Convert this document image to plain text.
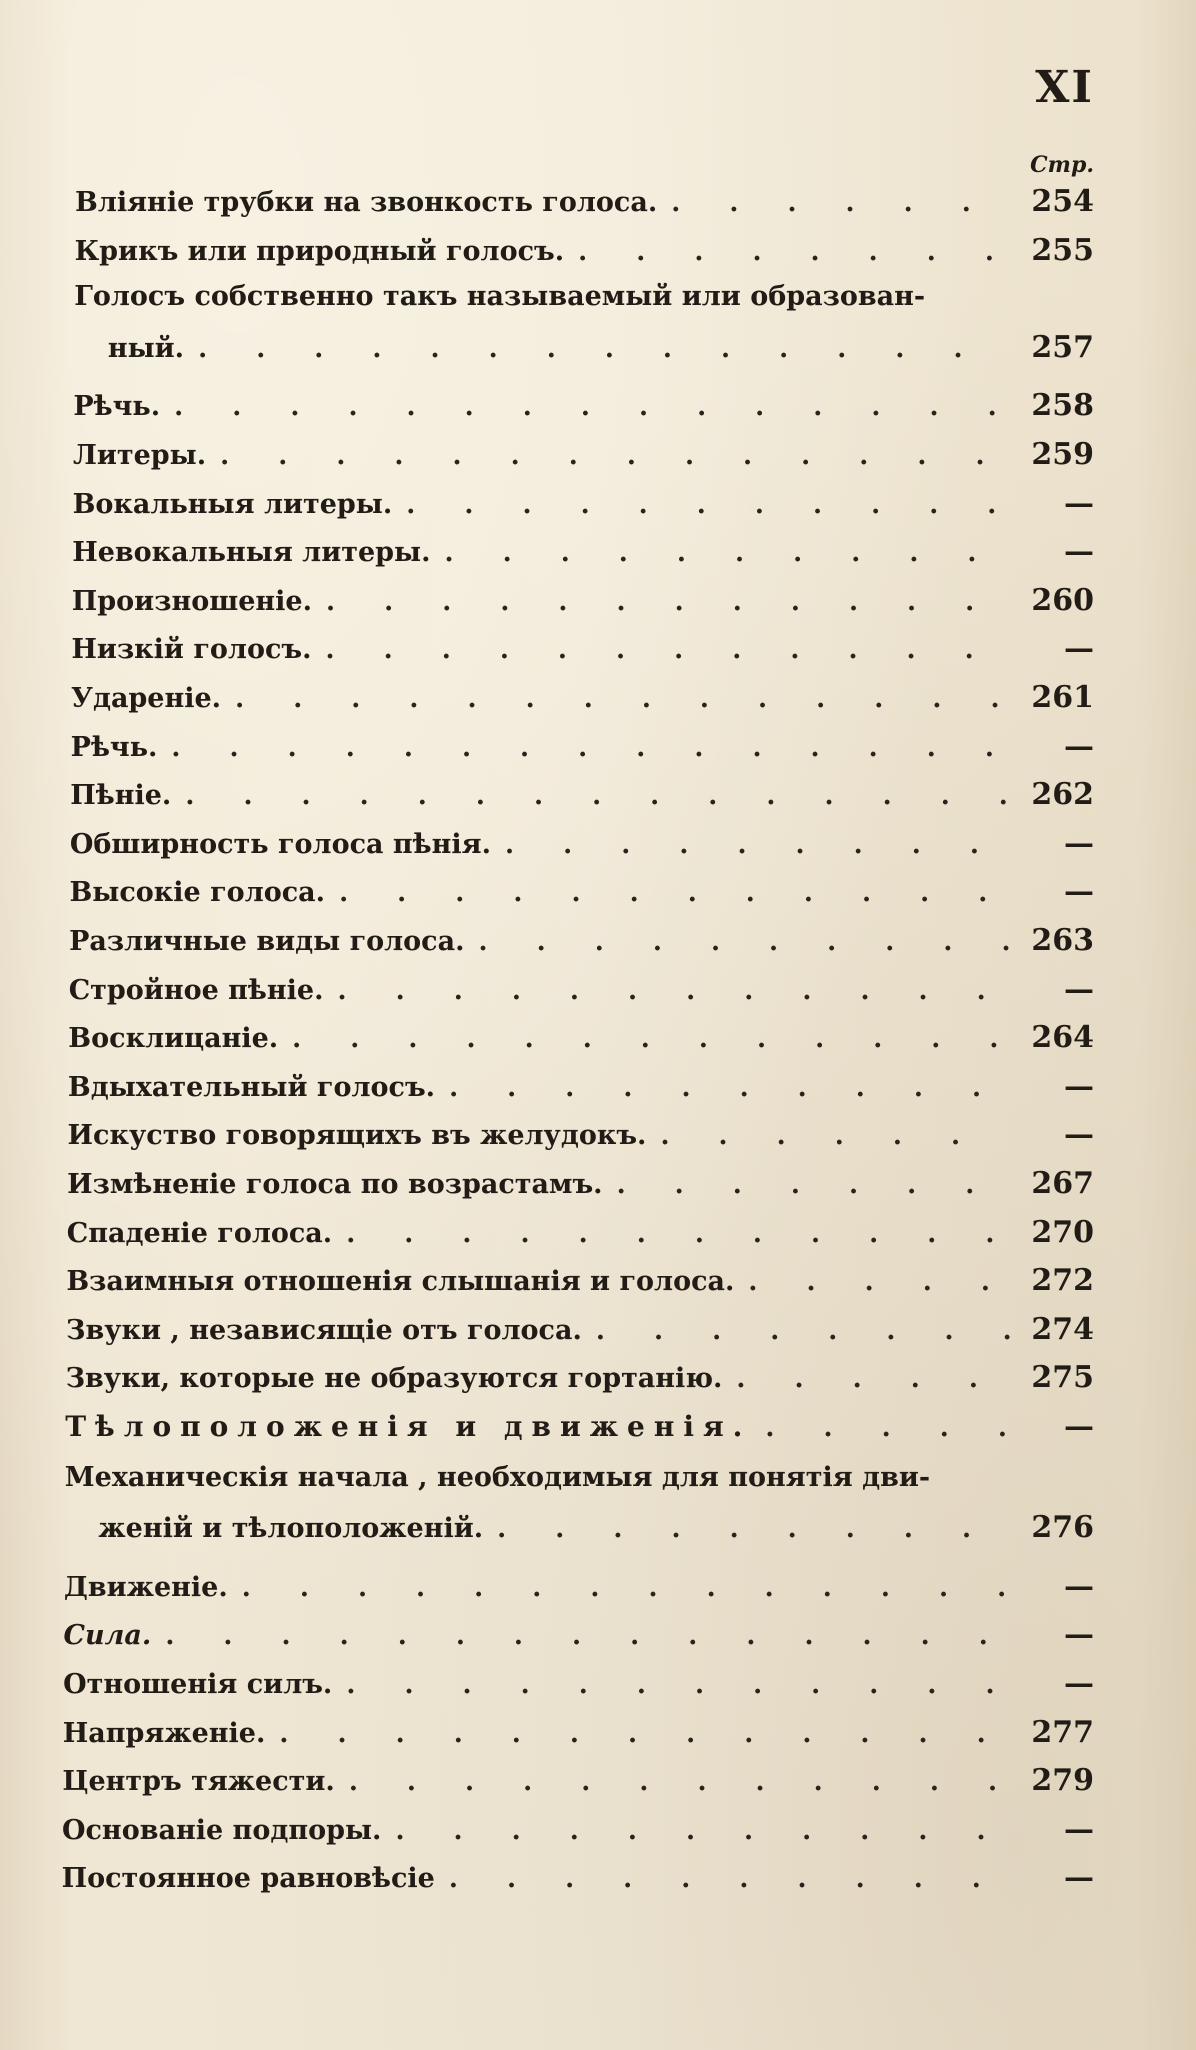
XI
Стр.
Влiянiе трубки на звонкость голоса. . . .	254
Крикъ или природный голосъ. . . .	255
Голосъ собственно такъ называемый или образован-
ный. . . .	257
Рѣчь. . . .	258
Литеры. . . .	259
Вокальныя литеры. . . .	—
Невокальныя литеры. . . .	—
Произношенiе. . . .	260
Низкiй голосъ. . . .	—
Ударенiе. . . .	261
Рѣчь. . . .	—
Пѣнiе. . . .	262
Обширность голоса пѣнiя. . . .	—
Высокiе голоса. . . .	—
Различные виды голоса. . . .	263
Стройное пѣнiе. . . .	—
Восклицанiе. . . .	264
Вдыхательный голосъ. . . .	—
Искуство говорящихъ въ желудокъ. . . .	—
Измѣненiе голоса по возрастамъ. . . .	267
Спаденiе голоса. . . .	270
Взаимныя отношенiя слышанiя и голоса. . . .	272
Звуки , независящiе отъ голоса. . . .	274
Звуки, которые не образуются гортанiю. . . .	275
Тѣлоположенiя и движенiя. . . .	—
Механическiя начала , необходимыя для понятiя дви-
женiй и тѣлоположенiй. . . .	276
Движенiе. . . .	—
Сила. . . .	—
Отношенiя силъ. . . .	—
Напряженiе. . . .	277
Центръ тяжести. . . .	279
Основанiе подпоры. . . .	—
Постоянное равновѣсiе . . .	—
